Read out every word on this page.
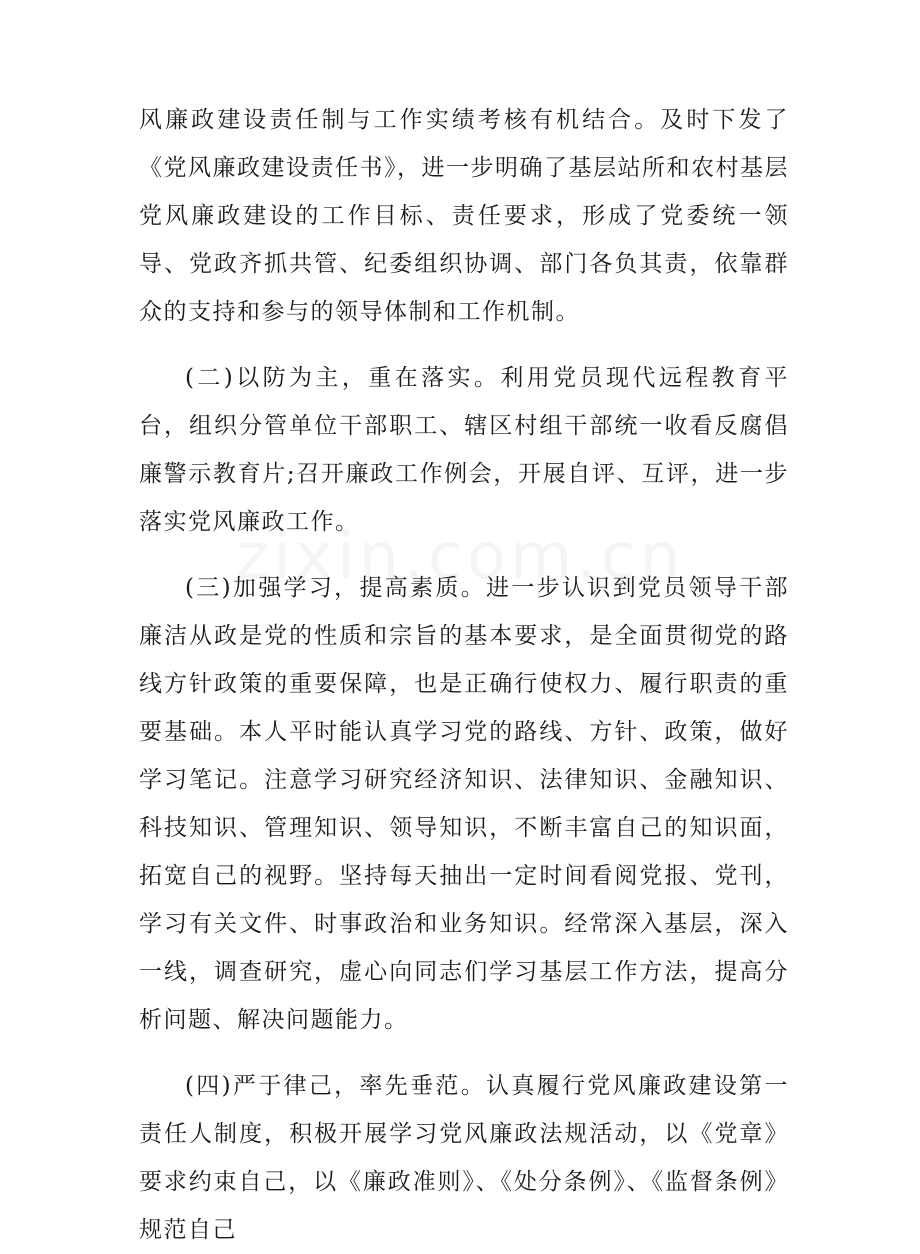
风廉政建设责任制与工作实绩考核有机结合。及时下发了《党风廉政建设责任书》，进一步明确了基层站所和农村基层党风廉政建设的工作目标、责任要求，形成了党委统一领导、党政齐抓共管、纪委组织协调、部门各负其责，依靠群众的支持和参与的领导体制和工作机制。

(二)以防为主，重在落实。利用党员现代远程教育平台，组织分管单位干部职工、辖区村组干部统一收看反腐倡廉警示教育片;召开廉政工作例会，开展自评、互评，进一步落实党风廉政工作。

(三)加强学习，提高素质。进一步认识到党员领导干部廉洁从政是党的性质和宗旨的基本要求，是全面贯彻党的路线方针政策的重要保障，也是正确行使权力、履行职责的重要基础。本人平时能认真学习党的路线、方针、政策，做好学习笔记。注意学习研究经济知识、法律知识、金融知识、科技知识、管理知识、领导知识，不断丰富自己的知识面，拓宽自己的视野。坚持每天抽出一定时间看阅党报、党刊，学习有关文件、时事政治和业务知识。经常深入基层，深入一线，调查研究，虚心向同志们学习基层工作方法，提高分析问题、解决问题能力。

(四)严于律己，率先垂范。认真履行党风廉政建设第一责任人制度，积极开展学习党风廉政法规活动，以《党章》要求约束自己，以《廉政准则》、《处分条例》、《监督条例》规范自己
